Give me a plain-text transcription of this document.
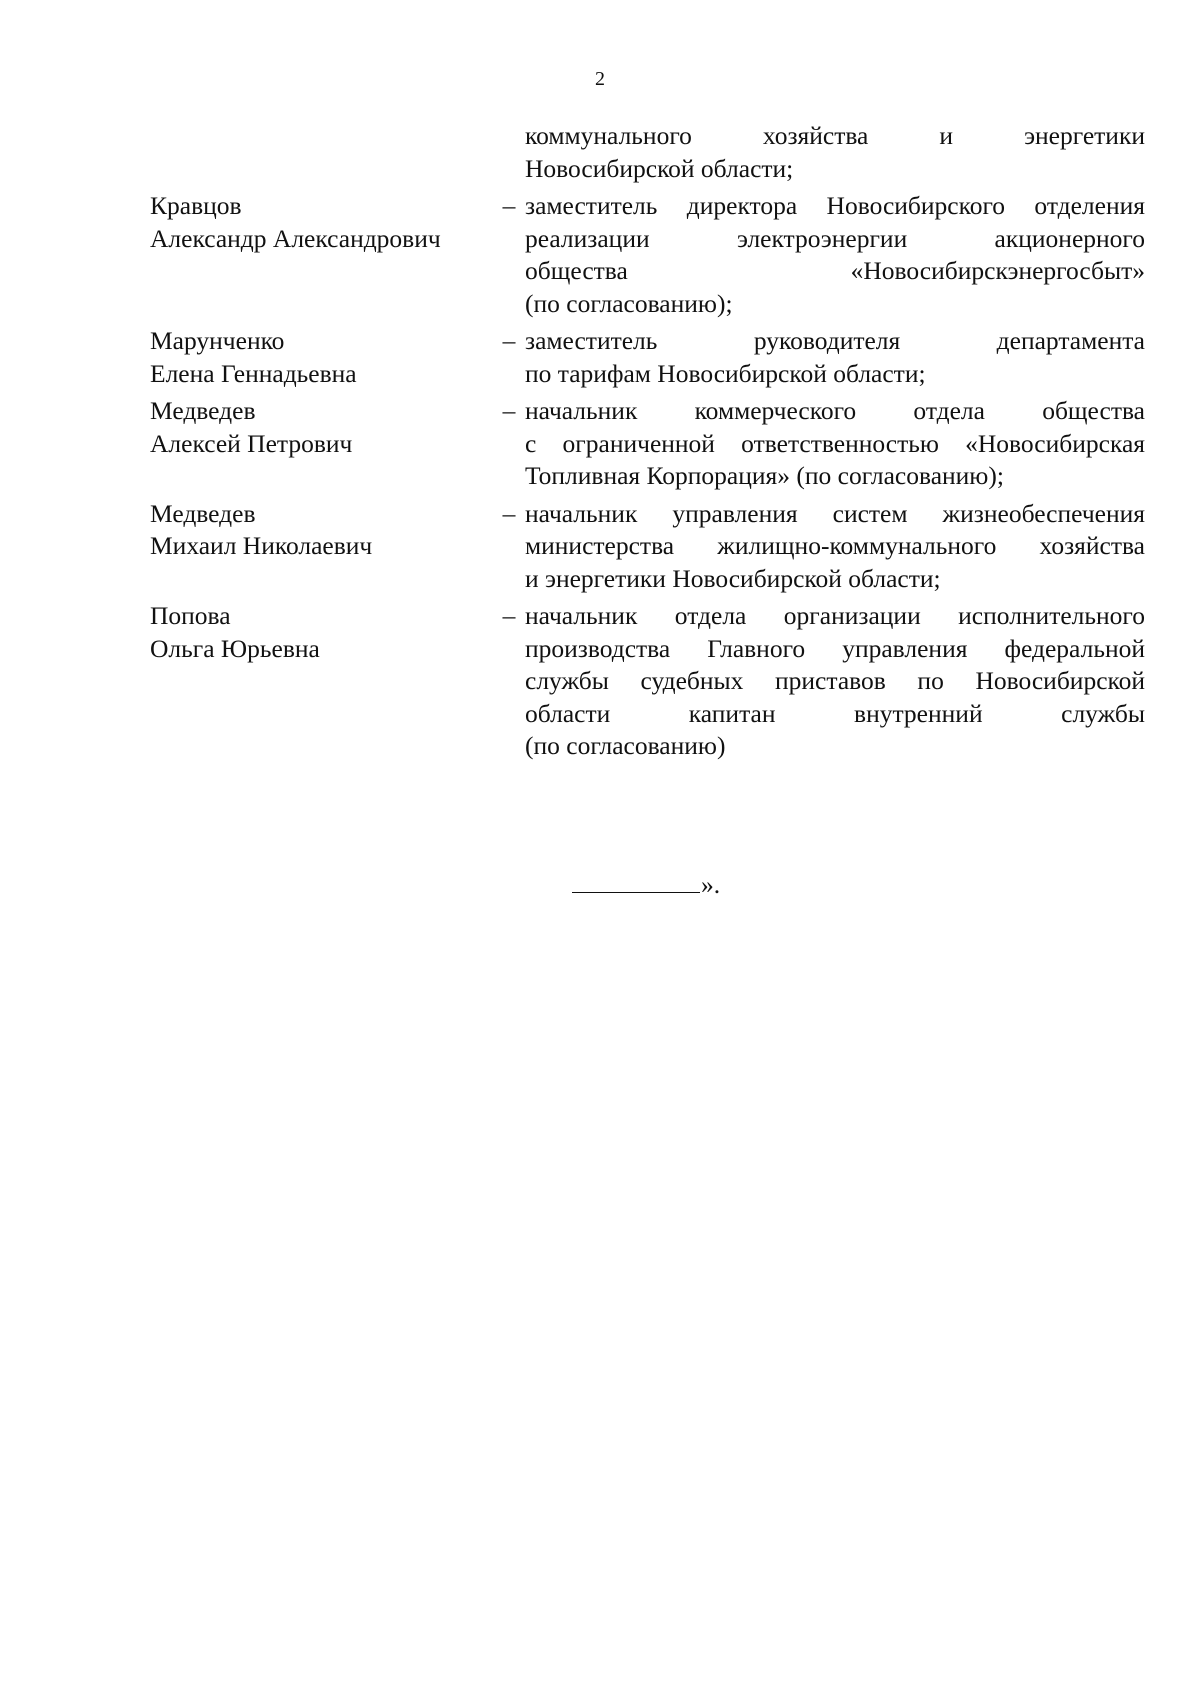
2
коммунального хозяйства и энергетики
Новосибирской области;
Кравцов
Александр Александрович
– заместитель директора Новосибирского отделения
реализации электроэнергии акционерного
общества «Новосибирскэнергосбыт»
(по согласованию);
Марунченко
Елена Геннадьевна
– заместитель руководителя департамента
по тарифам Новосибирской области;
Медведев
Алексей Петрович
– начальник коммерческого отдела общества
с ограниченной ответственностью «Новосибирская
Топливная Корпорация» (по согласованию);
Медведев
Михаил Николаевич
– начальник управления систем жизнеобеспечения
министерства жилищно-коммунального хозяйства
и энергетики Новосибирской области;
Попова
Ольга Юрьевна
– начальник отдела организации исполнительного
производства Главного управления федеральной
службы судебных приставов по Новосибирской
области капитан внутренний службы
(по согласованию)
».
